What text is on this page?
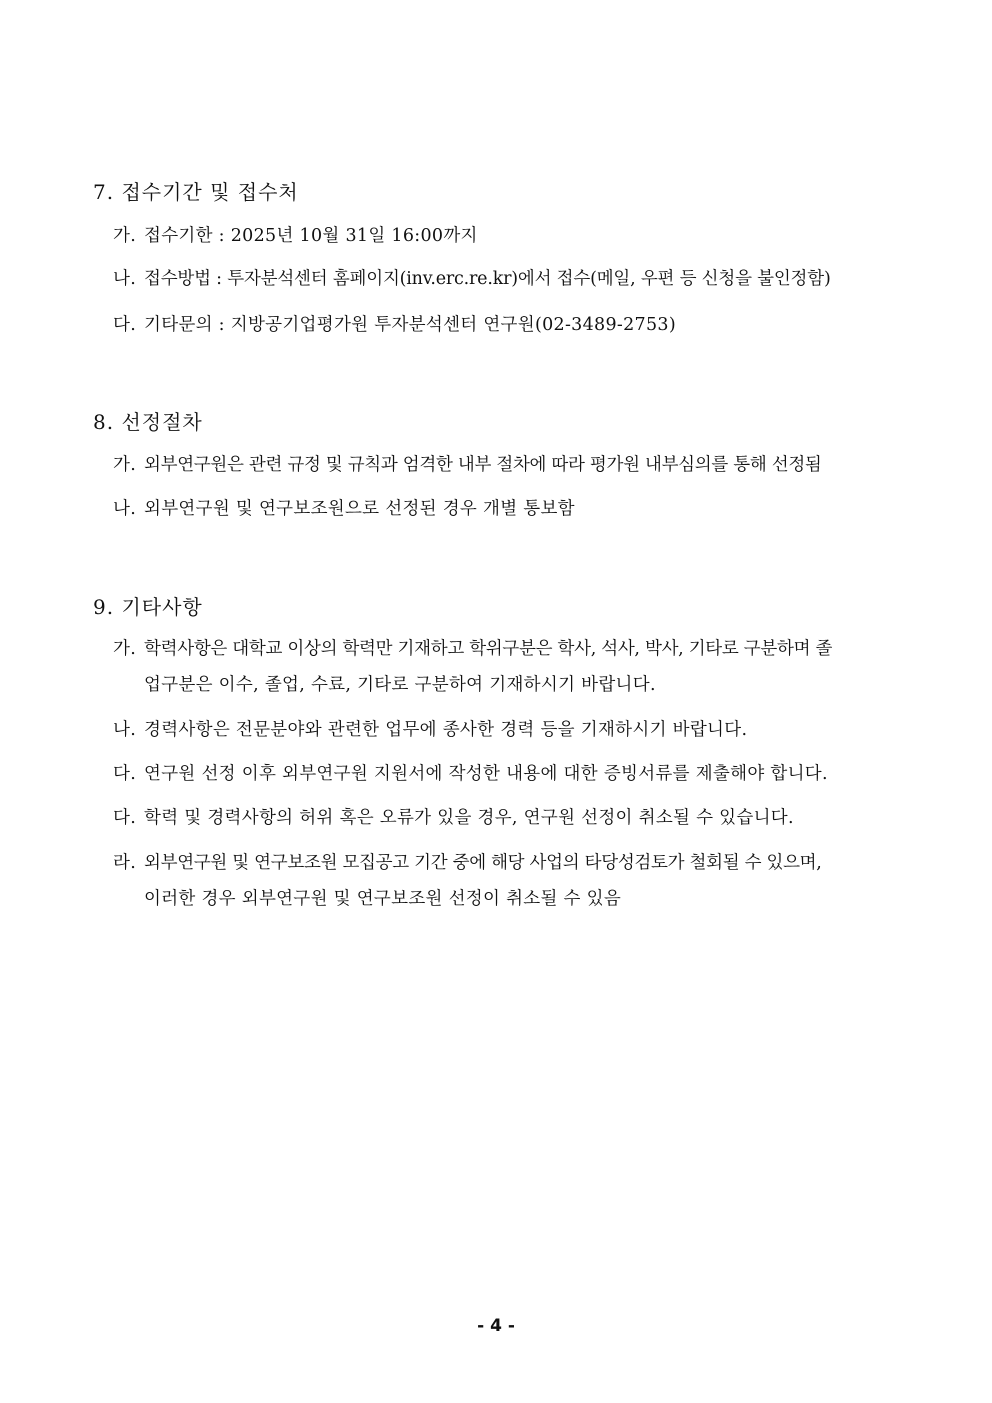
7. 접수기간 및 접수처
가. 접수기한 : 2025년 10월 31일 16:00까지
나. 접수방법 : 투자분석센터 홈페이지(inv.erc.re.kr)에서 접수(메일, 우편 등 신청을 불인정함)
다. 기타문의 : 지방공기업평가원 투자분석센터 연구원(02-3489-2753)
8. 선정절차
가. 외부연구원은 관련 규정 및 규칙과 엄격한 내부 절차에 따라 평가원 내부심의를 통해 선정됨
나. 외부연구원 및 연구보조원으로 선정된 경우 개별 통보함
9. 기타사항
가. 학력사항은 대학교 이상의 학력만 기재하고 학위구분은 학사, 석사, 박사, 기타로 구분하며 졸
업구분은 이수, 졸업, 수료, 기타로 구분하여 기재하시기 바랍니다.
나. 경력사항은 전문분야와 관련한 업무에 종사한 경력 등을 기재하시기 바랍니다.
다. 연구원 선정 이후 외부연구원 지원서에 작성한 내용에 대한 증빙서류를 제출해야 합니다.
다. 학력 및 경력사항의 허위 혹은 오류가 있을 경우, 연구원 선정이 취소될 수 있습니다.
라. 외부연구원 및 연구보조원 모집공고 기간 중에 해당 사업의 타당성검토가 철회될 수 있으며,
이러한 경우 외부연구원 및 연구보조원 선정이 취소될 수 있음
- 4 -
